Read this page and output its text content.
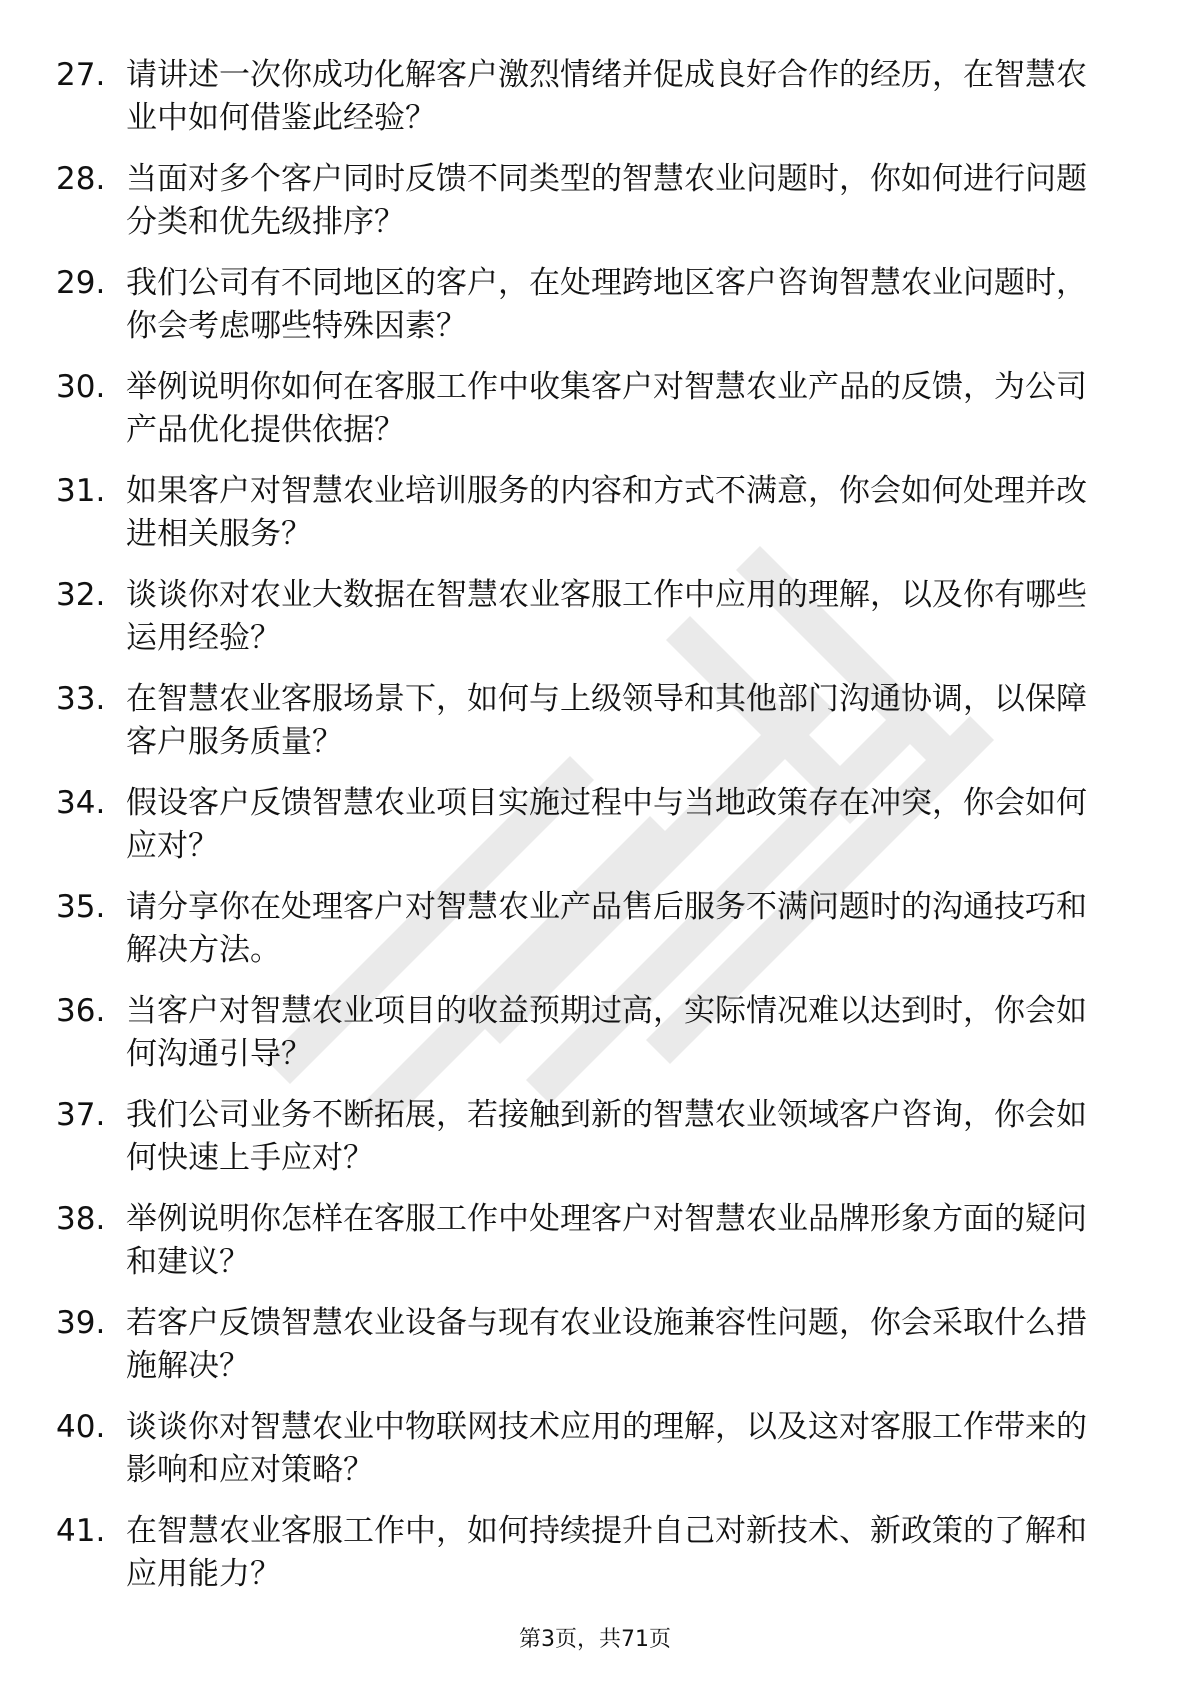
27. 请讲述一次你成功化解客户激烈情绪并促成良好合作的经历，在智慧农业中如何借鉴此经验？
28. 当面对多个客户同时反馈不同类型的智慧农业问题时，你如何进行问题分类和优先级排序？
29. 我们公司有不同地区的客户，在处理跨地区客户咨询智慧农业问题时，你会考虑哪些特殊因素？
30. 举例说明你如何在客服工作中收集客户对智慧农业产品的反馈，为公司产品优化提供依据？
31. 如果客户对智慧农业培训服务的内容和方式不满意，你会如何处理并改进相关服务？
32. 谈谈你对农业大数据在智慧农业客服工作中应用的理解，以及你有哪些运用经验？
33. 在智慧农业客服场景下，如何与上级领导和其他部门沟通协调，以保障客户服务质量？
34. 假设客户反馈智慧农业项目实施过程中与当地政策存在冲突，你会如何应对？
35. 请分享你在处理客户对智慧农业产品售后服务不满问题时的沟通技巧和解决方法。
36. 当客户对智慧农业项目的收益预期过高，实际情况难以达到时，你会如何沟通引导？
37. 我们公司业务不断拓展，若接触到新的智慧农业领域客户咨询，你会如何快速上手应对？
38. 举例说明你怎样在客服工作中处理客户对智慧农业品牌形象方面的疑问和建议？
39. 若客户反馈智慧农业设备与现有农业设施兼容性问题，你会采取什么措施解决？
40. 谈谈你对智慧农业中物联网技术应用的理解，以及这对客服工作带来的影响和应对策略？
41. 在智慧农业客服工作中，如何持续提升自己对新技术、新政策的了解和应用能力？
第3页，共71页
